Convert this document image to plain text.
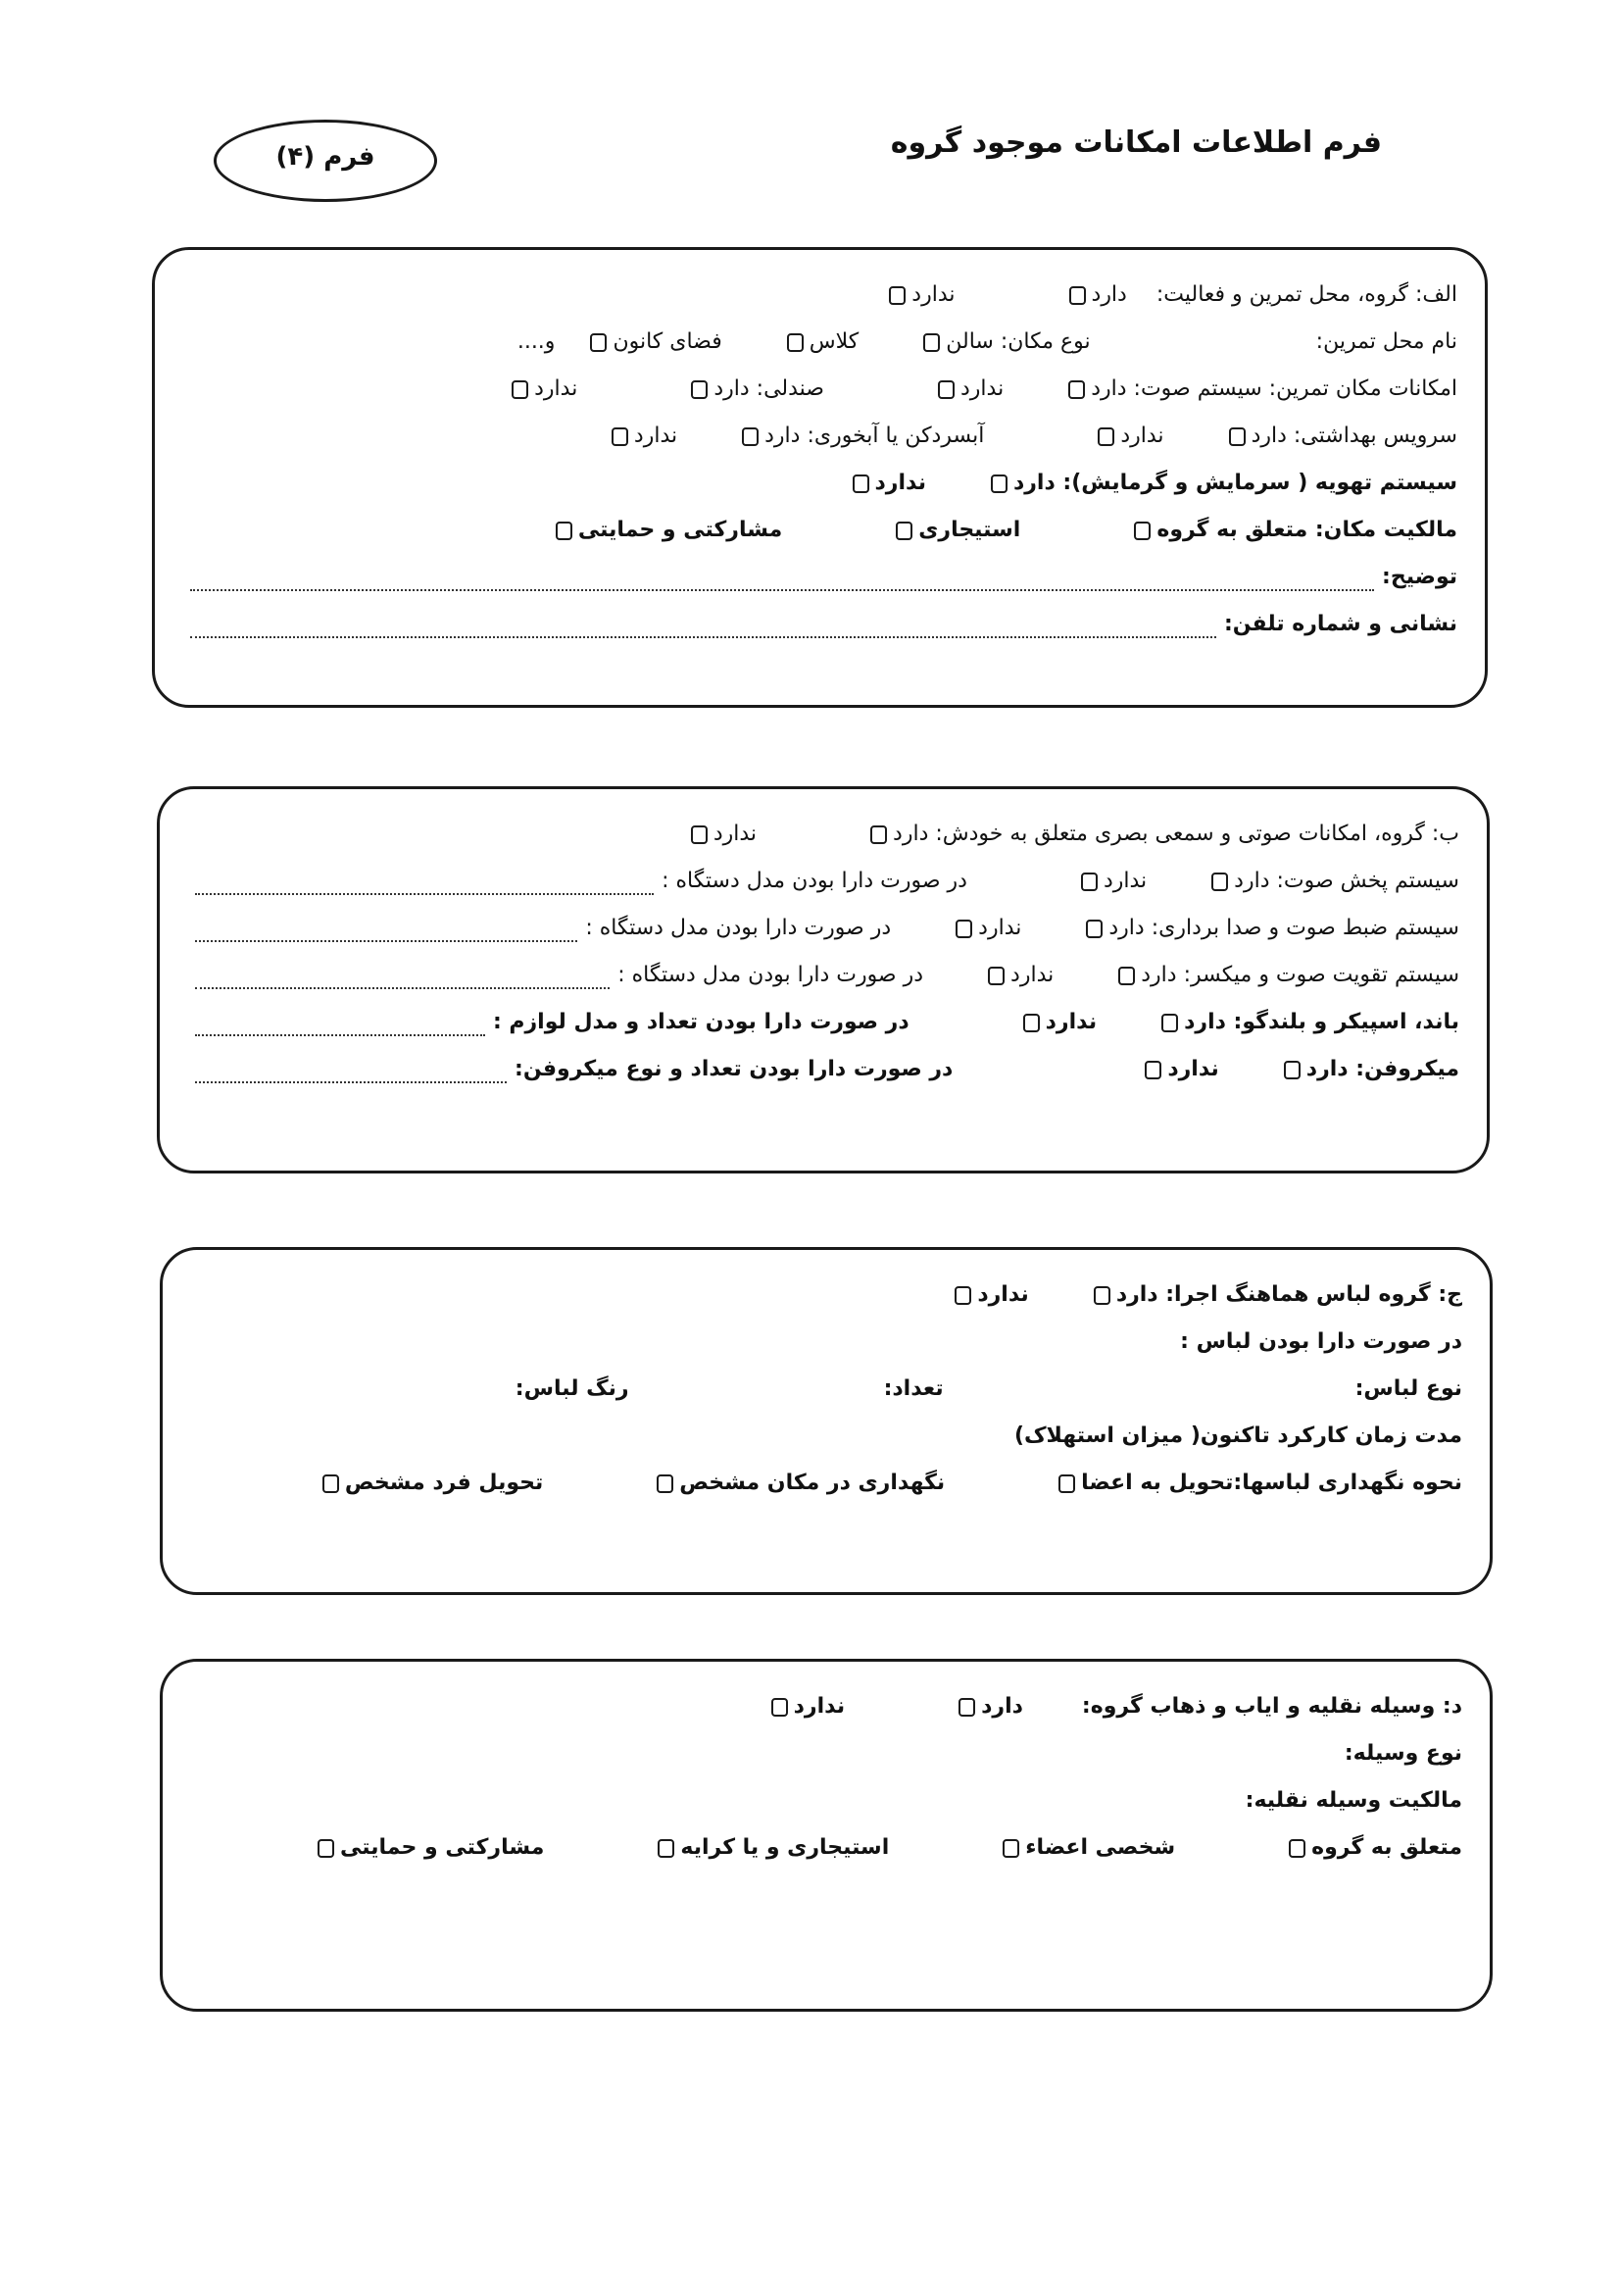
فرم اطلاعات امکانات موجود گروه
فرم (۴)
الف: گروه، محل تمرین و فعالیت:
دارد
ندارد
نام محل تمرین:
نوع مکان: سالن
کلاس
فضای کانون
و....
امکانات مکان تمرین: سیستم صوت: دارد
ندارد
صندلی: دارد
ندارد
سرویس بهداشتی: دارد
ندارد
آبسردکن یا آبخوری: دارد
ندارد
سیستم تهویه ( سرمایش و گرمایش): دارد
ندارد
مالکیت مکان: متعلق به گروه
استیجاری
مشارکتی و حمایتی
توضیح:
نشانی و شماره تلفن:
ب: گروه، امکانات صوتی و سمعی بصری متعلق به خودش: دارد
ندارد
سیستم پخش صوت: دارد
ندارد
در صورت دارا بودن مدل دستگاه :
سیستم ضبط صوت و صدا برداری: دارد
ندارد
در صورت دارا بودن مدل دستگاه :
سیستم تقویت صوت و میکسر: دارد
ندارد
در صورت دارا بودن مدل دستگاه :
باند، اسپیکر و بلندگو: دارد
ندارد
در صورت دارا بودن تعداد و مدل لوازم :
میکروفن: دارد
ندارد
در صورت دارا بودن تعداد و نوع میکروفن:
ج: گروه لباس هماهنگ اجرا: دارد
ندارد
در صورت دارا بودن لباس :
نوع لباس:
تعداد:
رنگ لباس:
مدت زمان کارکرد تاکنون( میزان استهلاک)
نحوه نگهداری لباسها:تحویل به اعضا
نگهداری در مکان مشخص
تحویل فرد مشخص
د: وسیله نقلیه و ایاب و ذهاب گروه:
دارد
ندارد
نوع وسیله:
مالکیت وسیله نقلیه:
متعلق به گروه
شخصی اعضاء
استیجاری و یا کرایه
مشارکتی و حمایتی
